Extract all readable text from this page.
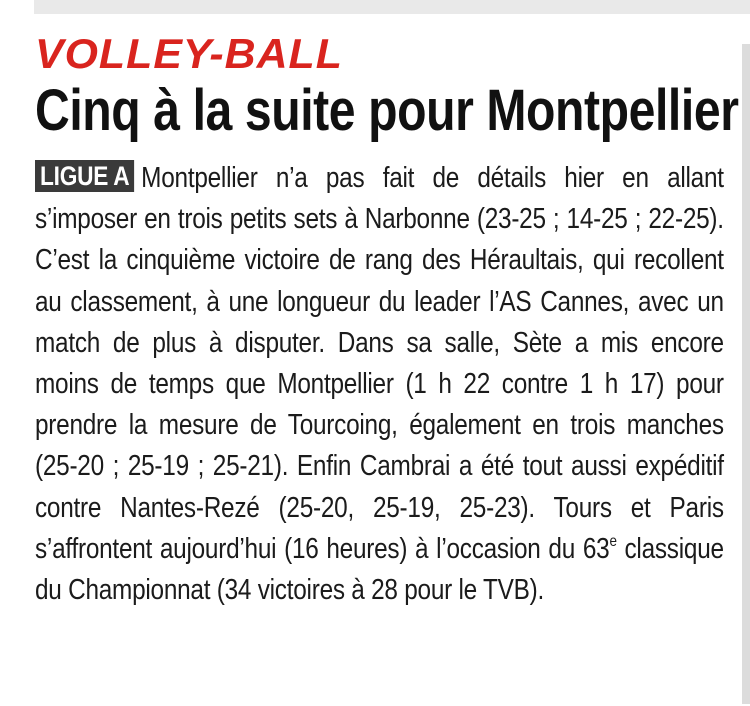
VOLLEY-BALL
Cinq à la suite pour Montpellier

LIGUE A Montpellier n’a pas fait de détails hier en allant s’imposer en trois petits sets à Narbonne (23-25 ; 14-25 ; 22-25). C’est la cinquième victoire de rang des Héraultais, qui recollent au classement, à une longueur du leader l’AS Cannes, avec un match de plus à disputer. Dans sa salle, Sète a mis encore moins de temps que Montpellier (1 h 22 contre 1 h 17) pour prendre la mesure de Tourcoing, également en trois manches (25-20 ; 25-19 ; 25-21). Enfin Cambrai a été tout aussi expéditif contre Nantes-Rezé (25-20, 25-19, 25-23). Tours et Paris s’affrontent aujourd’hui (16 heures) à l’occasion du 63e classique du Championnat (34 victoires à 28 pour le TVB).
